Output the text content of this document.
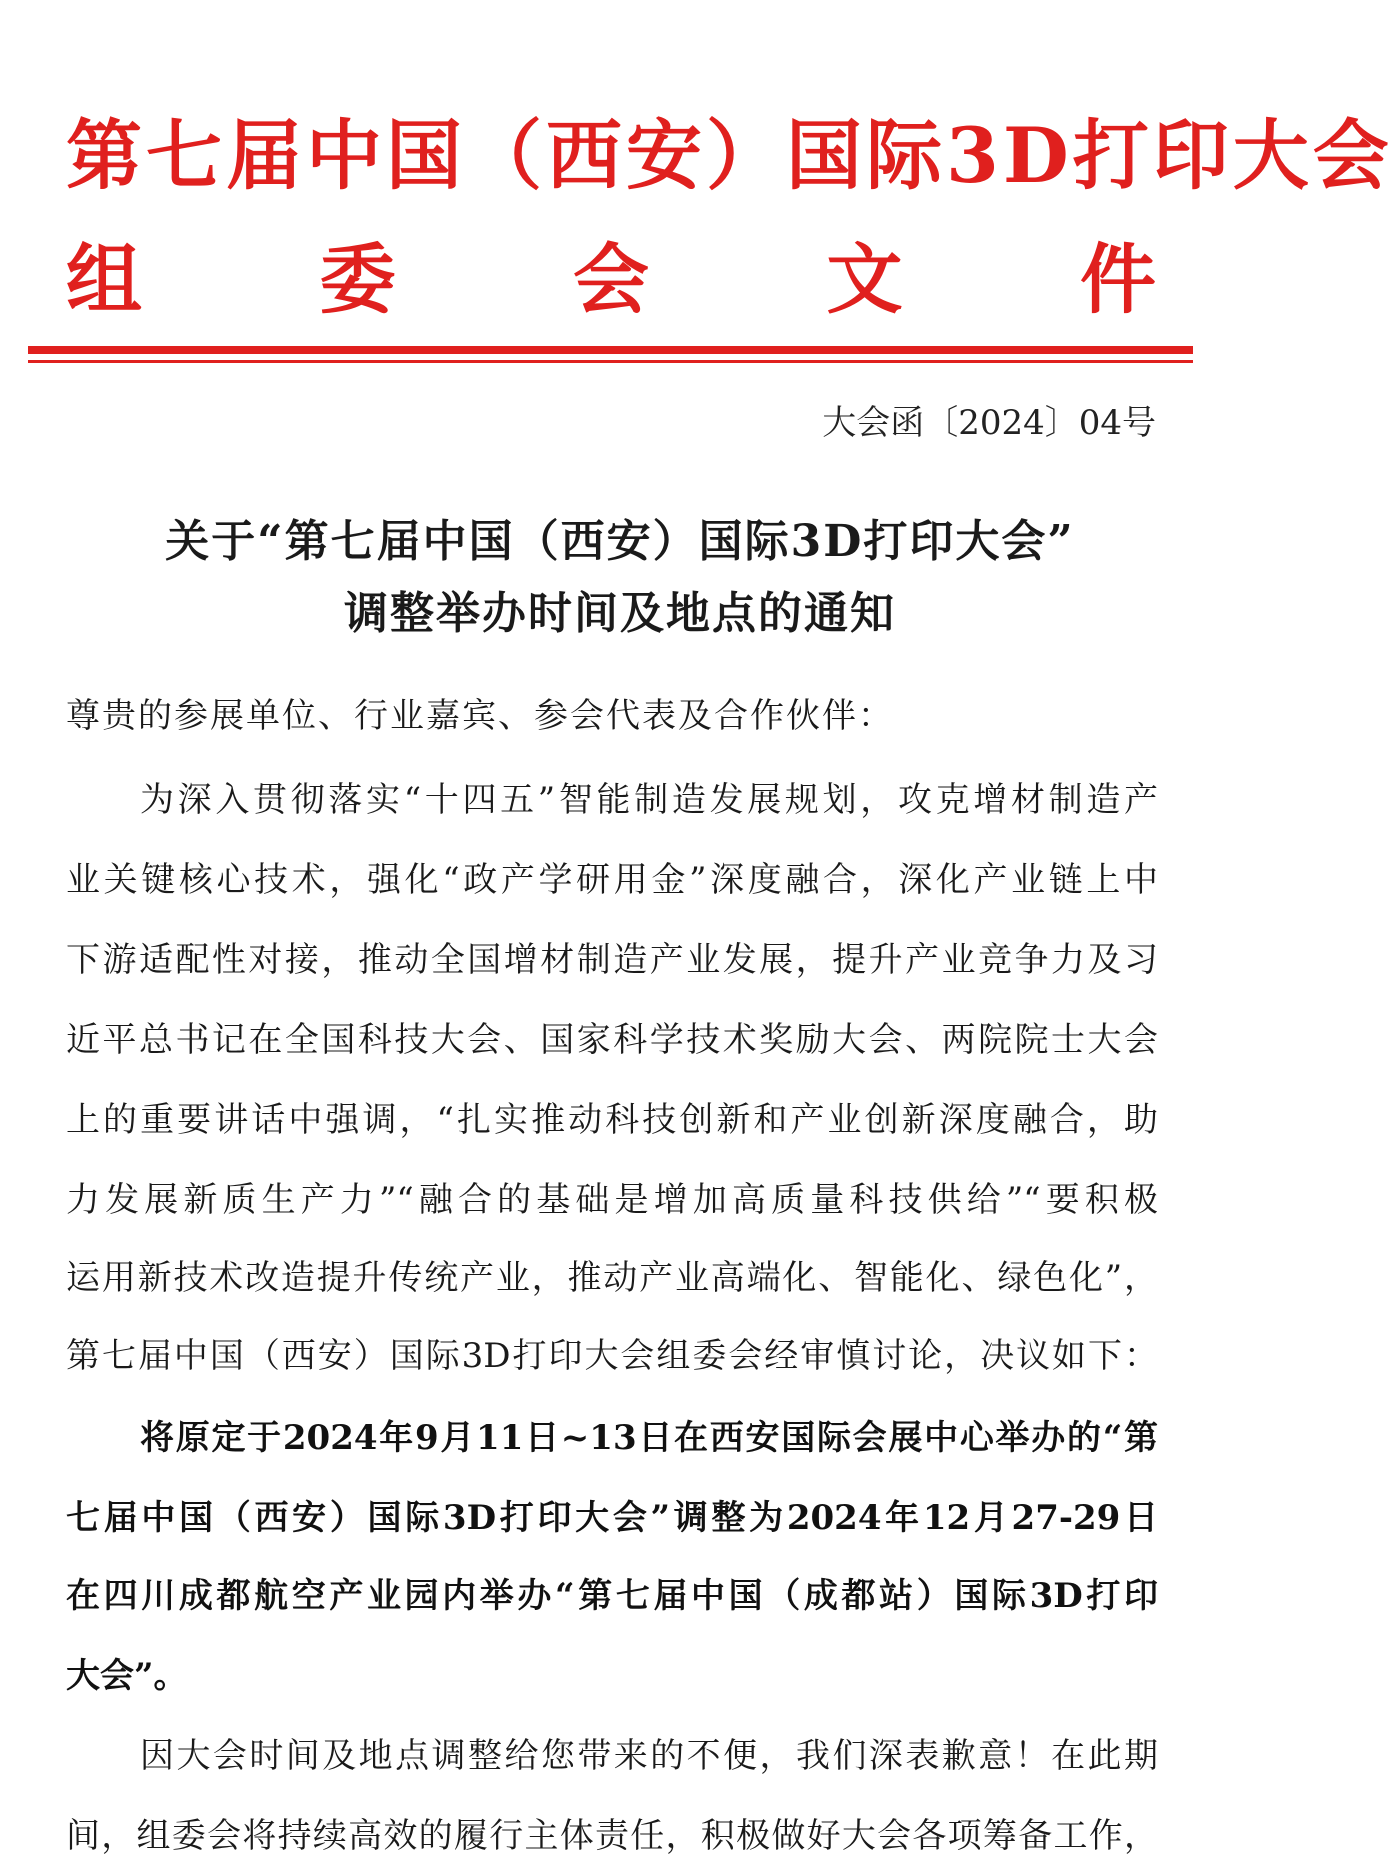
第七届中国（西安）国际3D打印大会
组 委 会 文 件
大会函〔2024〕04号
关于“第七届中国（西安）国际3D打印大会”
调整举办时间及地点的通知
尊贵的参展单位、行业嘉宾、参会代表及合作伙伴：
为深入贯彻落实“十四五”智能制造发展规划，攻克增材制造产
业关键核心技术，强化“政产学研用金”深度融合，深化产业链上中
下游适配性对接，推动全国增材制造产业发展，提升产业竞争力及习
近平总书记在全国科技大会、国家科学技术奖励大会、两院院士大会
上的重要讲话中强调，“扎实推动科技创新和产业创新深度融合，助
力发展新质生产力”“融合的基础是增加高质量科技供给”“要积极
运用新技术改造提升传统产业，推动产业高端化、智能化、绿色化”，
第七届中国（西安）国际3D打印大会组委会经审慎讨论，决议如下：
将原定于2024年9月11日~13日在西安国际会展中心举办的“第
七届中国（西安）国际3D打印大会”调整为2024年12月27-29日
在四川成都航空产业园内举办“第七届中国（成都站）国际3D打印
大会”。
因大会时间及地点调整给您带来的不便，我们深表歉意！在此期
间，组委会将持续高效的履行主体责任，积极做好大会各项筹备工作，
